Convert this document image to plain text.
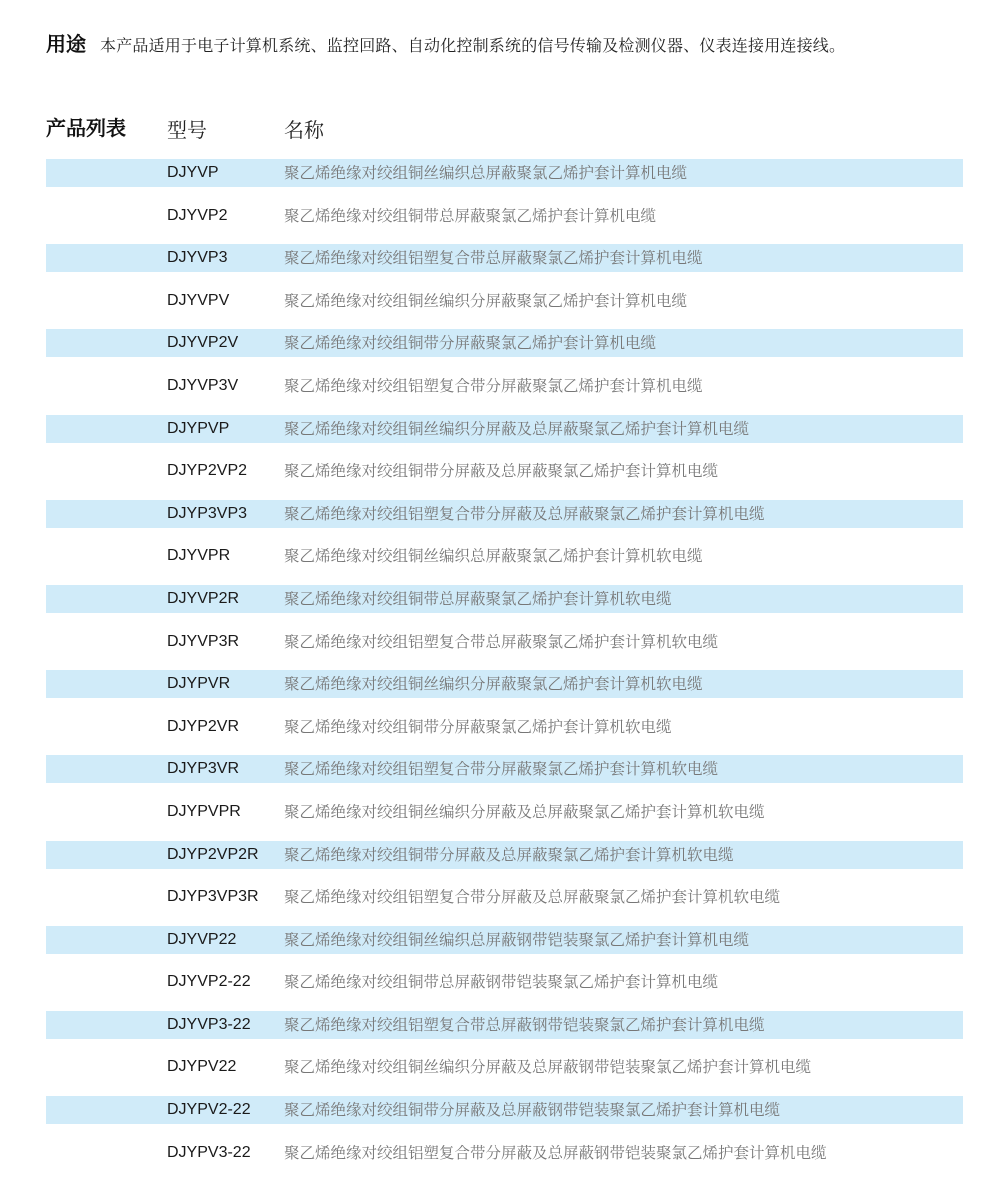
用途 本产品适用于电子计算机系统、监控回路、自动化控制系统的信号传输及检测仪器、仪表连接用连接线。
产品列表 型号	名称
DJYVP	聚乙烯绝缘对绞组铜丝编织总屏蔽聚氯乙烯护套计算机电缆
DJYVP2	聚乙烯绝缘对绞组铜带总屏蔽聚氯乙烯护套计算机电缆
DJYVP3	聚乙烯绝缘对绞组铝塑复合带总屏蔽聚氯乙烯护套计算机电缆
DJYVPV	聚乙烯绝缘对绞组铜丝编织分屏蔽聚氯乙烯护套计算机电缆
DJYVP2V	聚乙烯绝缘对绞组铜带分屏蔽聚氯乙烯护套计算机电缆
DJYVP3V	聚乙烯绝缘对绞组铝塑复合带分屏蔽聚氯乙烯护套计算机电缆
DJYPVP	聚乙烯绝缘对绞组铜丝编织分屏蔽及总屏蔽聚氯乙烯护套计算机电缆
DJYP2VP2 聚乙烯绝缘对绞组铜带分屏蔽及总屏蔽聚氯乙烯护套计算机电缆
DJYP3VP3 聚乙烯绝缘对绞组铝塑复合带分屏蔽及总屏蔽聚氯乙烯护套计算机电缆
DJYVPR	聚乙烯绝缘对绞组铜丝编织总屏蔽聚氯乙烯护套计算机软电缆
DJYVP2R	聚乙烯绝缘对绞组铜带总屏蔽聚氯乙烯护套计算机软电缆
DJYVP3R	聚乙烯绝缘对绞组铝塑复合带总屏蔽聚氯乙烯护套计算机软电缆
DJYPVR	聚乙烯绝缘对绞组铜丝编织分屏蔽聚氯乙烯护套计算机软电缆
DJYP2VR	聚乙烯绝缘对绞组铜带分屏蔽聚氯乙烯护套计算机软电缆
DJYP3VR	聚乙烯绝缘对绞组铝塑复合带分屏蔽聚氯乙烯护套计算机软电缆
DJYPVPR	聚乙烯绝缘对绞组铜丝编织分屏蔽及总屏蔽聚氯乙烯护套计算机软电缆
DJYP2VP2R 聚乙烯绝缘对绞组铜带分屏蔽及总屏蔽聚氯乙烯护套计算机软电缆
DJYP3VP3R 聚乙烯绝缘对绞组铝塑复合带分屏蔽及总屏蔽聚氯乙烯护套计算机软电缆
DJYVP22	聚乙烯绝缘对绞组铜丝编织总屏蔽钢带铠装聚氯乙烯护套计算机电缆
DJYVP2-22 聚乙烯绝缘对绞组铜带总屏蔽钢带铠装聚氯乙烯护套计算机电缆
DJYVP3-22 聚乙烯绝缘对绞组铝塑复合带总屏蔽钢带铠装聚氯乙烯护套计算机电缆
DJYPV22	聚乙烯绝缘对绞组铜丝编织分屏蔽及总屏蔽钢带铠装聚氯乙烯护套计算机电缆
DJYPV2-22 聚乙烯绝缘对绞组铜带分屏蔽及总屏蔽钢带铠装聚氯乙烯护套计算机电缆
DJYPV3-22 聚乙烯绝缘对绞组铝塑复合带分屏蔽及总屏蔽钢带铠装聚氯乙烯护套计算机电缆
